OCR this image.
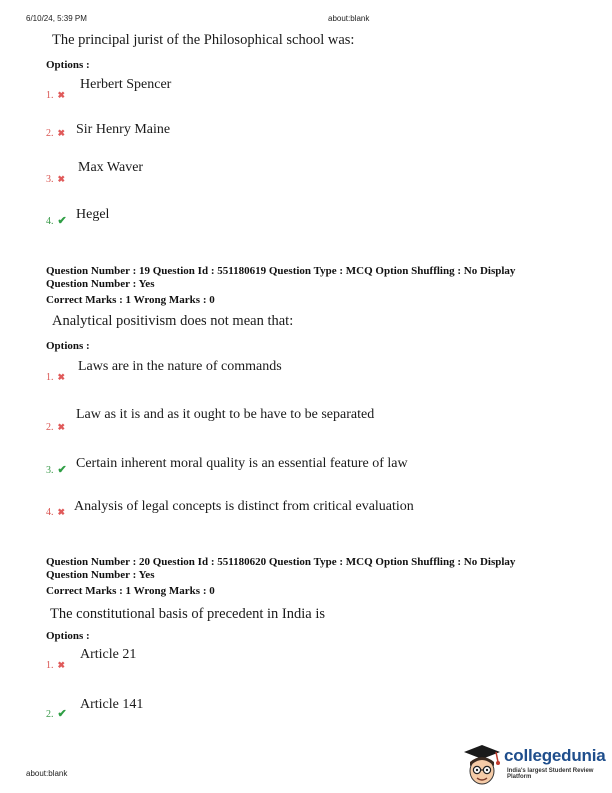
6/10/24, 5:39 PM	about:blank
The principal jurist of the Philosophical school was:
Options :
1. ✖
Herbert Spencer
2. ✖ Sir Henry Maine
3. ✖
Max Waver
4. ✔ Hegel
Question Number : 19 Question Id : 551180619 Question Type : MCQ Option Shuffling : No Display
Question Number : Yes
Correct Marks : 1 Wrong Marks : 0
Analytical positivism does not mean that:
Options :
1. ✖
Laws are in the nature of commands
2. ✖
Law as it is and as it ought to be have to be separated
3. ✔ Certain inherent moral quality is an essential feature of law
4. ✖ Analysis of legal concepts is distinct from critical evaluation
Question Number : 20 Question Id : 551180620 Question Type : MCQ Option Shuffling : No Display
Question Number : Yes
Correct Marks : 1 Wrong Marks : 0
The constitutional basis of precedent in India is
Options :
1. ✖
Article 21
2. ✔
Article 141
about:blank
collegedunia
India's largest Student Review Platform
